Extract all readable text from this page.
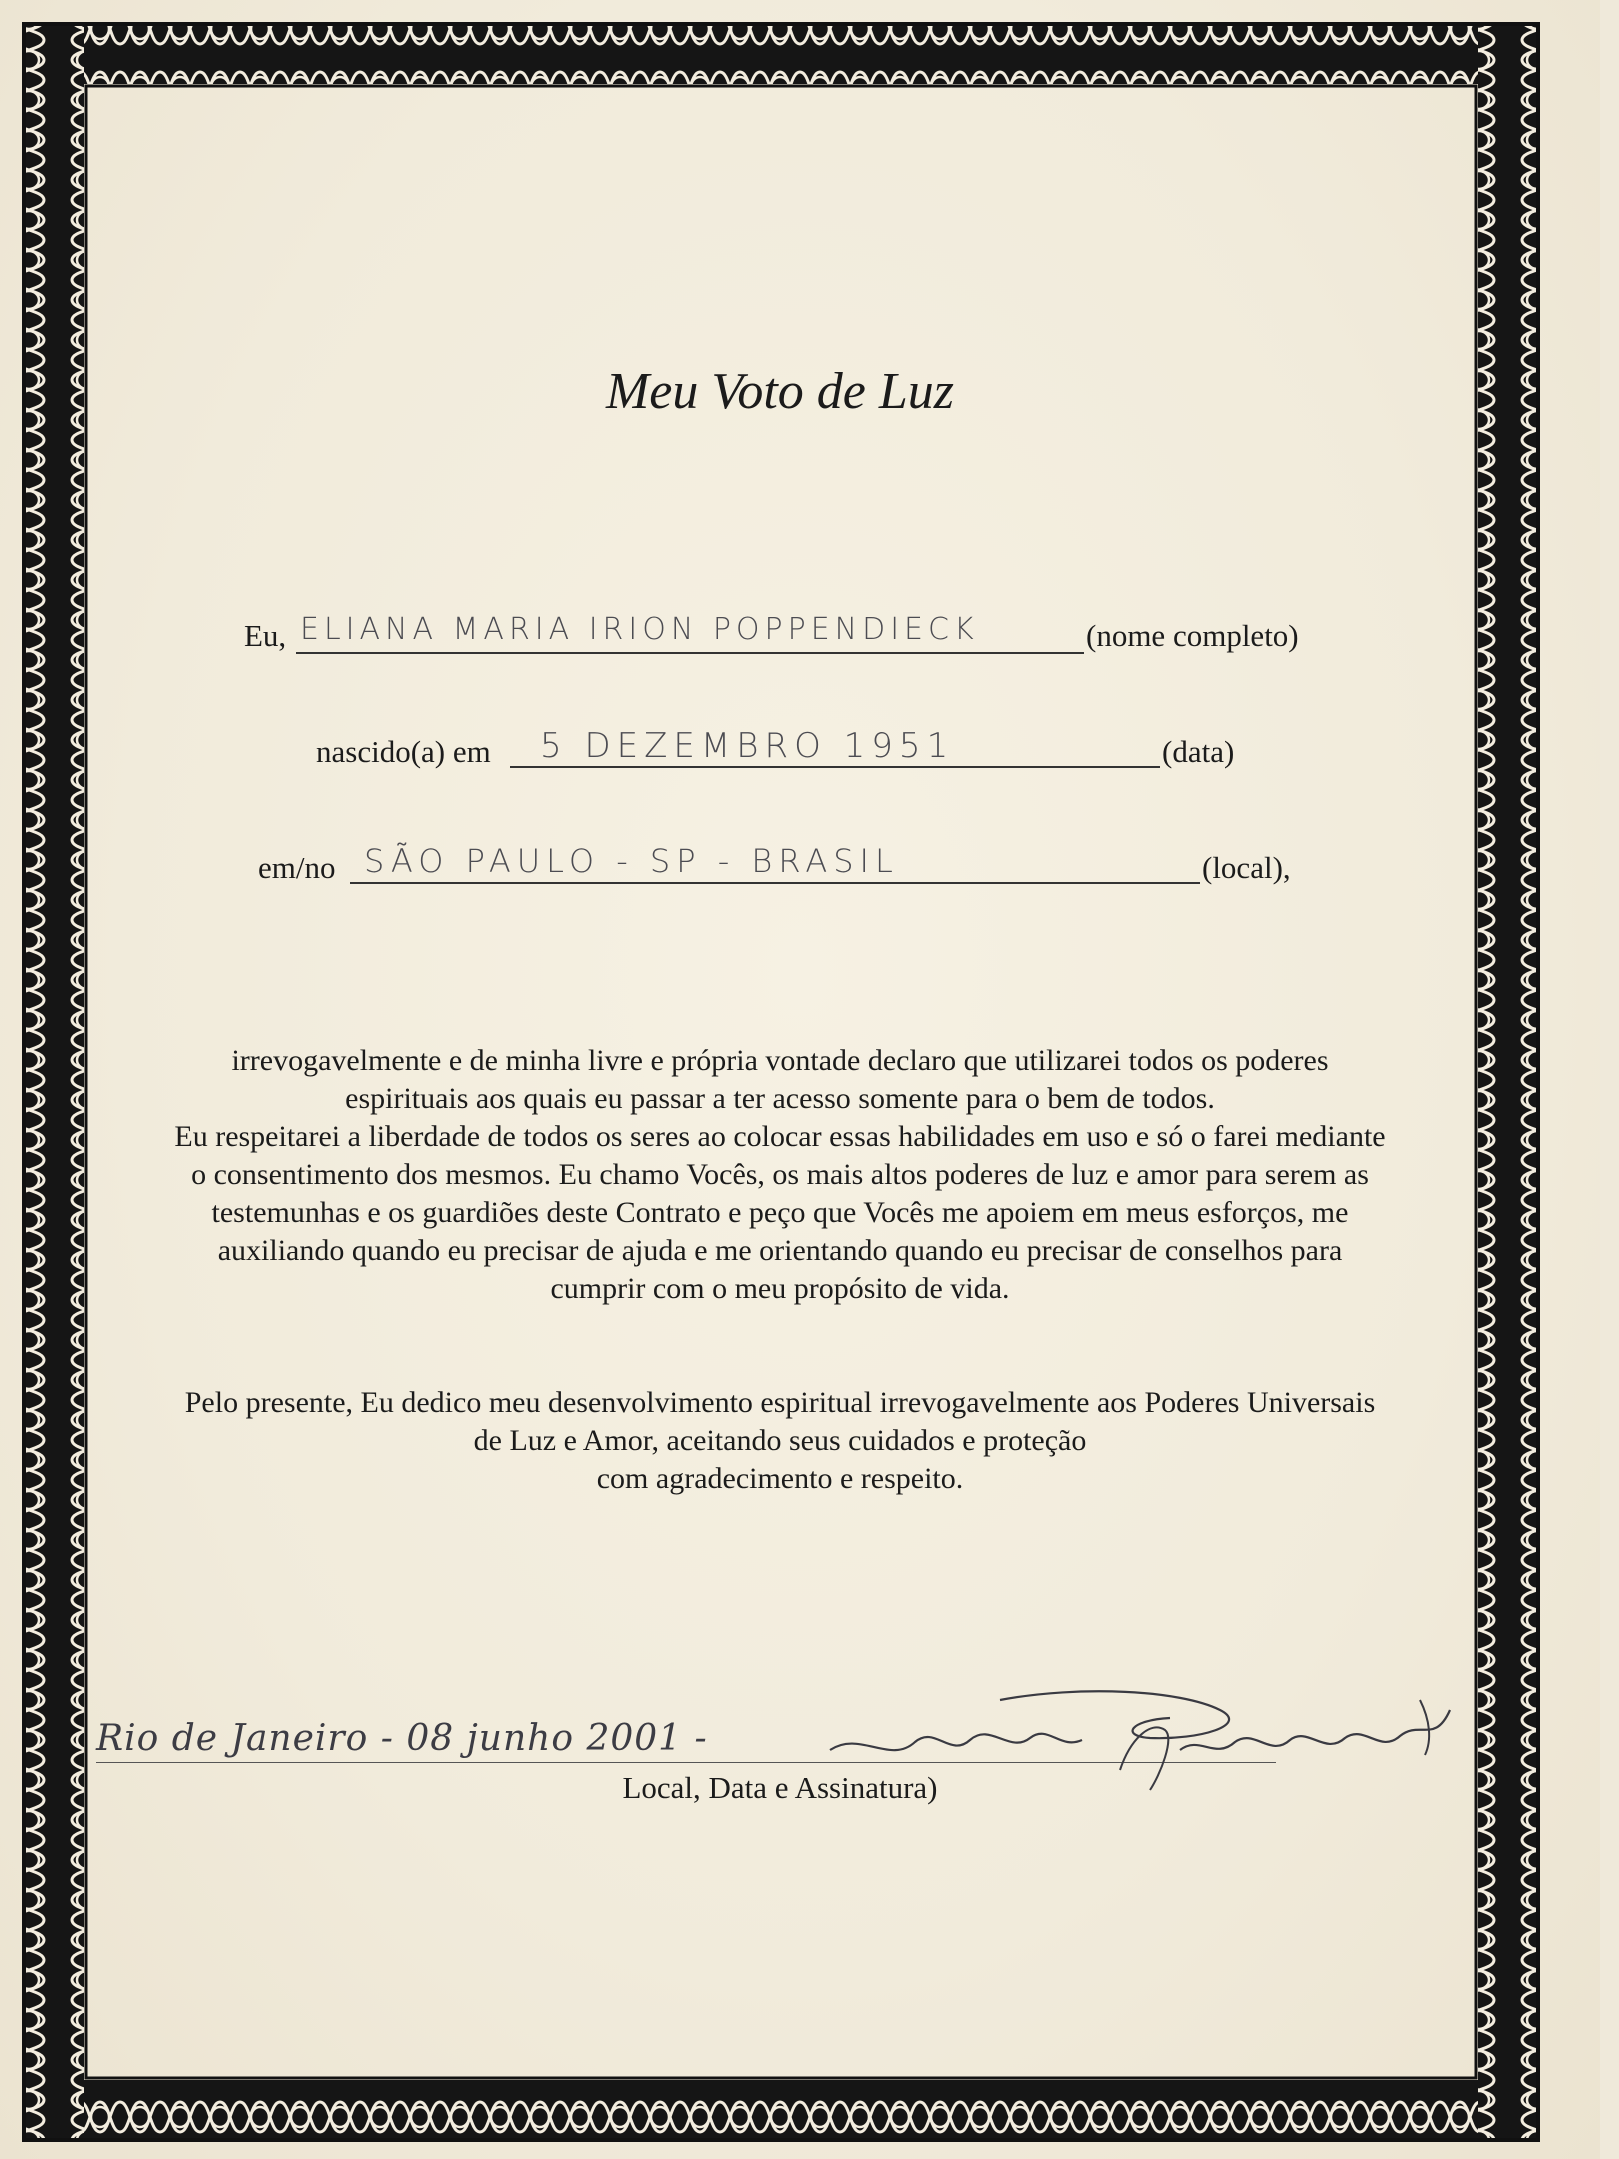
Meu Voto de Luz
Eu, ELIANA MARIA IRION POPPENDIECK	(nome completo)
nascido(a) em 5 DEZEMBRO 1951	(data)
em/no SÃO PAULO - SP - BRASIL	(local),

irrevogavelmente e de minha livre e própria vontade declaro que utilizarei todos os poderes

espirituais aos quais eu passar a ter acesso somente para o bem de todos.

Eu respeitarei a liberdade de todos os seres ao colocar essas habilidades em uso e só o farei mediante

o consentimento dos mesmos. Eu chamo Vocês, os mais altos poderes de luz e amor para serem as

testemunhas e os guardiões deste Contrato e peço que Vocês me apoiem em meus esforços, me

auxiliando quando eu precisar de ajuda e me orientando quando eu precisar de conselhos para

cumprir com o meu propósito de vida.

Pelo presente, Eu dedico meu desenvolvimento espiritual irrevogavelmente aos Poderes Universais

de Luz e Amor, aceitando seus cuidados e proteção

com agradecimento e respeito.

Rio de Janeiro - 08 junho 2001 -
Local, Data e Assinatura)
